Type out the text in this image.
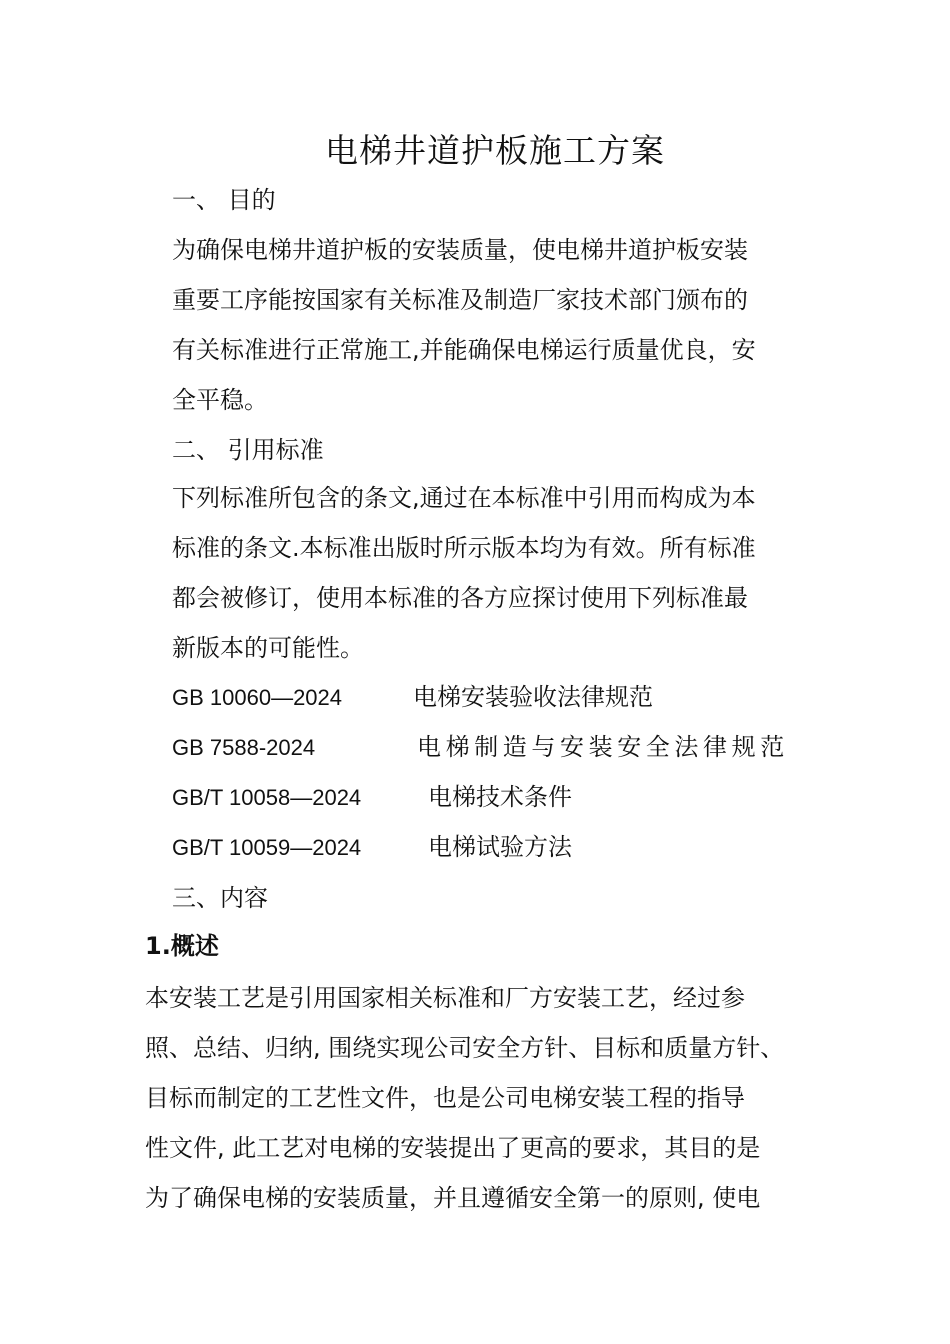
电梯井道护板施工方案
一、 目的
为确保电梯井道护板的安装质量，使电梯井道护板安装
重要工序能按国家有关标准及制造厂家技术部门颁布的
有关标准进行正常施工,并能确保电梯运行质量优良，安
全平稳。
二、 引用标准
下列标准所包含的条文,通过在本标准中引用而构成为本
标准的条文.本标准出版时所示版本均为有效。所有标准
都会被修订，使用本标准的各方应探讨使用下列标准最
新版本的可能性。
GB 10060—2024	电梯安装验收法律规范
GB 7588-2024	电梯制造与安装安全法律规范
GB/T 10058—2024	电梯技术条件
GB/T 10059—2024	电梯试验方法
三、内容
1.概述
本安装工艺是引用国家相关标准和厂方安装工艺，经过参
照、总结、归纳, 围绕实现公司安全方针、目标和质量方针、
目标而制定的工艺性文件，也是公司电梯安装工程的指导
性文件, 此工艺对电梯的安装提出了更高的要求，其目的是
为了确保电梯的安装质量，并且遵循安全第一的原则, 使电
